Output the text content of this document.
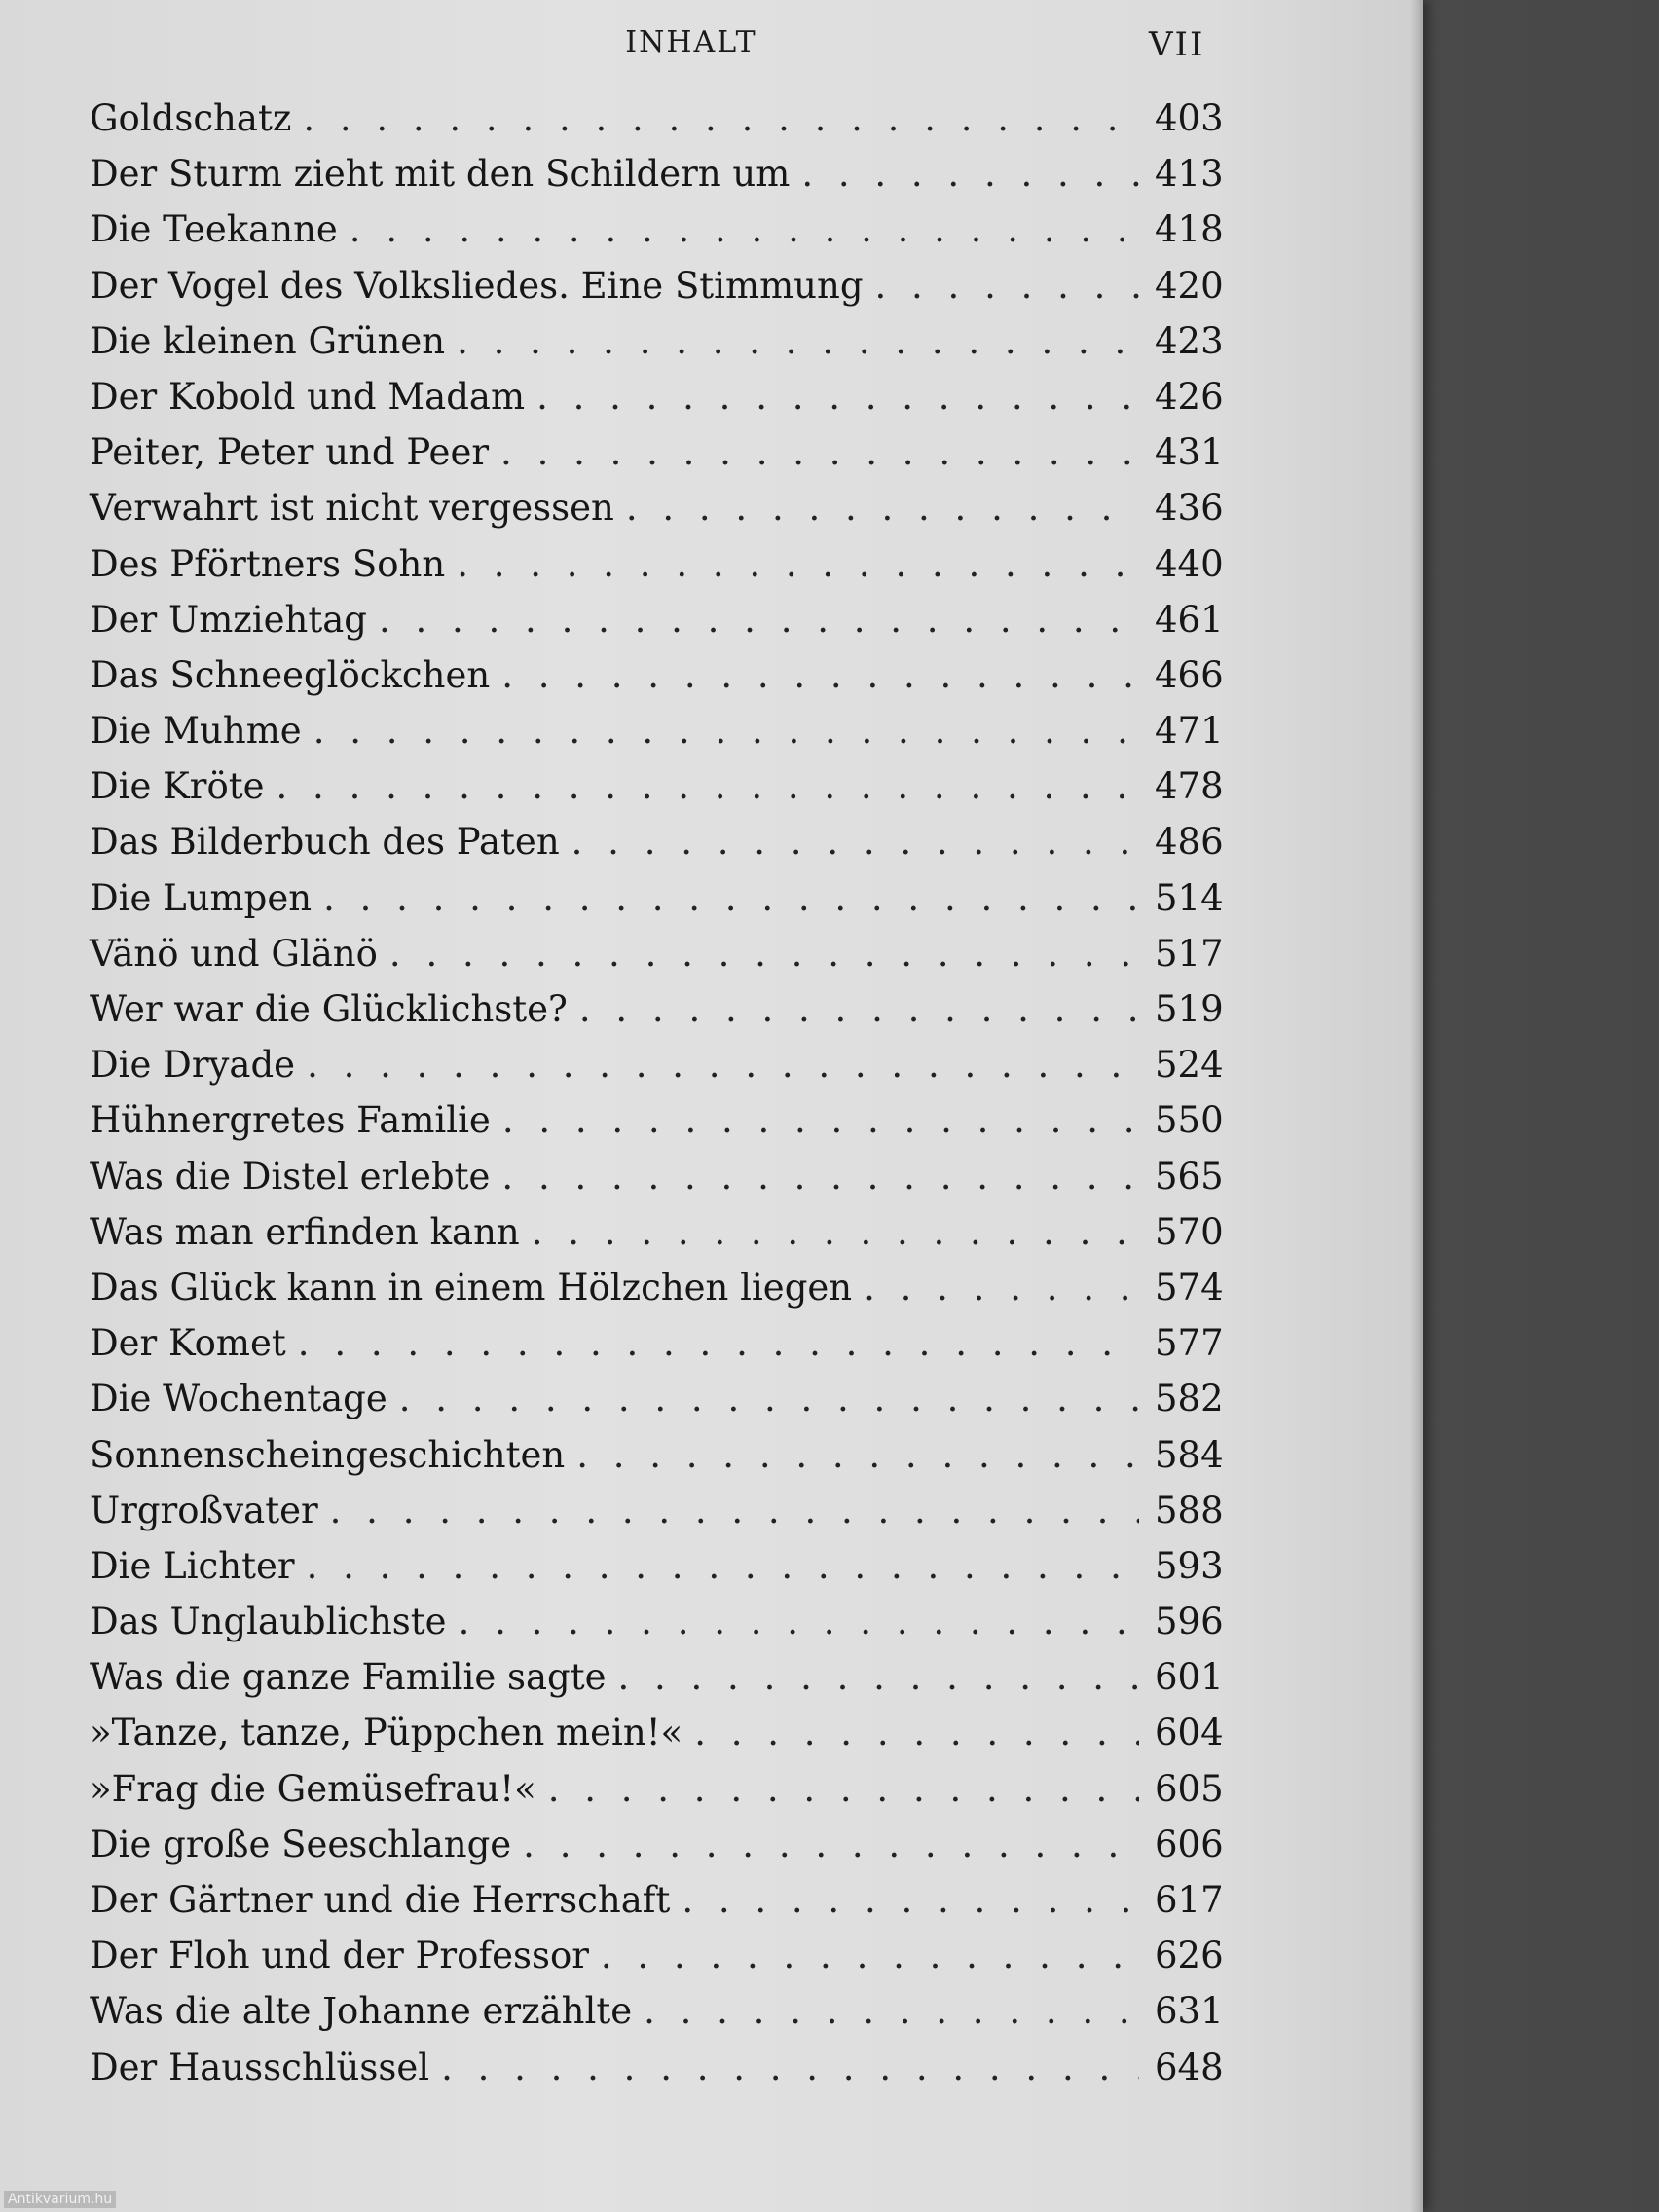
INHALT	VII
Goldschatz . . .	403
Der Sturm zieht mit den Schildern um . . .	413
Die Teekanne . . .	418
Der Vogel des Volksliedes. Eine Stimmung . . .	420
Die kleinen Grünen . . .	423
Der Kobold und Madam . . .	426
Peiter, Peter und Peer . . .	431
Verwahrt ist nicht vergessen . . .	436
Des Pförtners Sohn . . .	440
Der Umziehtag . . .	461
Das Schneeglöckchen . . .	466
Die Muhme . . .	471
Die Kröte . . .	478
Das Bilderbuch des Paten . . .	486
Die Lumpen . . .	514
Vänö und Glänö . . .	517
Wer war die Glücklichste? . . .	519
Die Dryade . . .	524
Hühnergretes Familie . . .	550
Was die Distel erlebte . . .	565
Was man erfinden kann . . .	570
Das Glück kann in einem Hölzchen liegen . . .	574
Der Komet . . .	577
Die Wochentage . . .	582
Sonnenscheingeschichten . . .	584
Urgroßvater . . .	588
Die Lichter . . .	593
Das Unglaublichste . . .	596
Was die ganze Familie sagte . . .	601
»Tanze, tanze, Püppchen mein!« . . .	604
»Frag die Gemüsefrau!« . . .	605
Die große Seeschlange . . .	606
Der Gärtner und die Herrschaft . . .	617
Der Floh und der Professor . . .	626
Was die alte Johanne erzählte . . .	631
Der Hausschlüssel . . .	648
Antikvarium.hu
